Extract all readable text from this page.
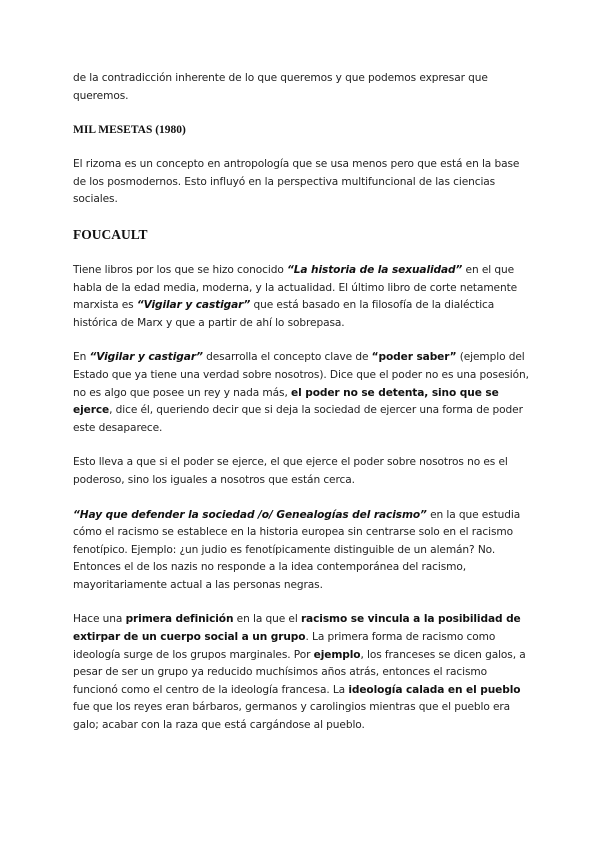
de la contradicción inherente de lo que queremos y que podemos expresar que queremos.

MIL MESETAS (1980)

El rizoma es un concepto en antropología que se usa menos pero que está en la base de los posmodernos. Esto influyó en la perspectiva multifuncional de las ciencias sociales.

FOUCAULT

Tiene libros por los que se hizo conocido “La historia de la sexualidad” en el que habla de la edad media, moderna, y la actualidad. El último libro de corte netamente marxista es “Vigilar y castigar” que está basado en la filosofía de la dialéctica histórica de Marx y que a partir de ahí lo sobrepasa.

En “Vigilar y castigar” desarrolla el concepto clave de “poder saber” (ejemplo del Estado que ya tiene una verdad sobre nosotros). Dice que el poder no es una posesión, no es algo que posee un rey y nada más, el poder no se detenta, sino que se ejerce, dice él, queriendo decir que si deja la sociedad de ejercer una forma de poder este desaparece.

Esto lleva a que si el poder se ejerce, el que ejerce el poder sobre nosotros no es el poderoso, sino los iguales a nosotros que están cerca.

“Hay que defender la sociedad /o/ Genealogías del racismo” en la que estudia cómo el racismo se establece en la historia europea sin centrarse solo en el racismo fenotípico. Ejemplo: ¿un judio es fenotípicamente distinguible de un alemán? No. Entonces el de los nazis no responde a la idea contemporánea del racismo, mayoritariamente actual a las personas negras.

Hace una primera definición en la que el racismo se vincula a la posibilidad de extirpar de un cuerpo social a un grupo. La primera forma de racismo como ideología surge de los grupos marginales. Por ejemplo, los franceses se dicen galos, a pesar de ser un grupo ya reducido muchísimos años atrás, entonces el racismo funcionó como el centro de la ideología francesa. La ideología calada en el pueblo fue que los reyes eran bárbaros, germanos y carolingios mientras que el pueblo era galo; acabar con la raza que está cargándose al pueblo.
